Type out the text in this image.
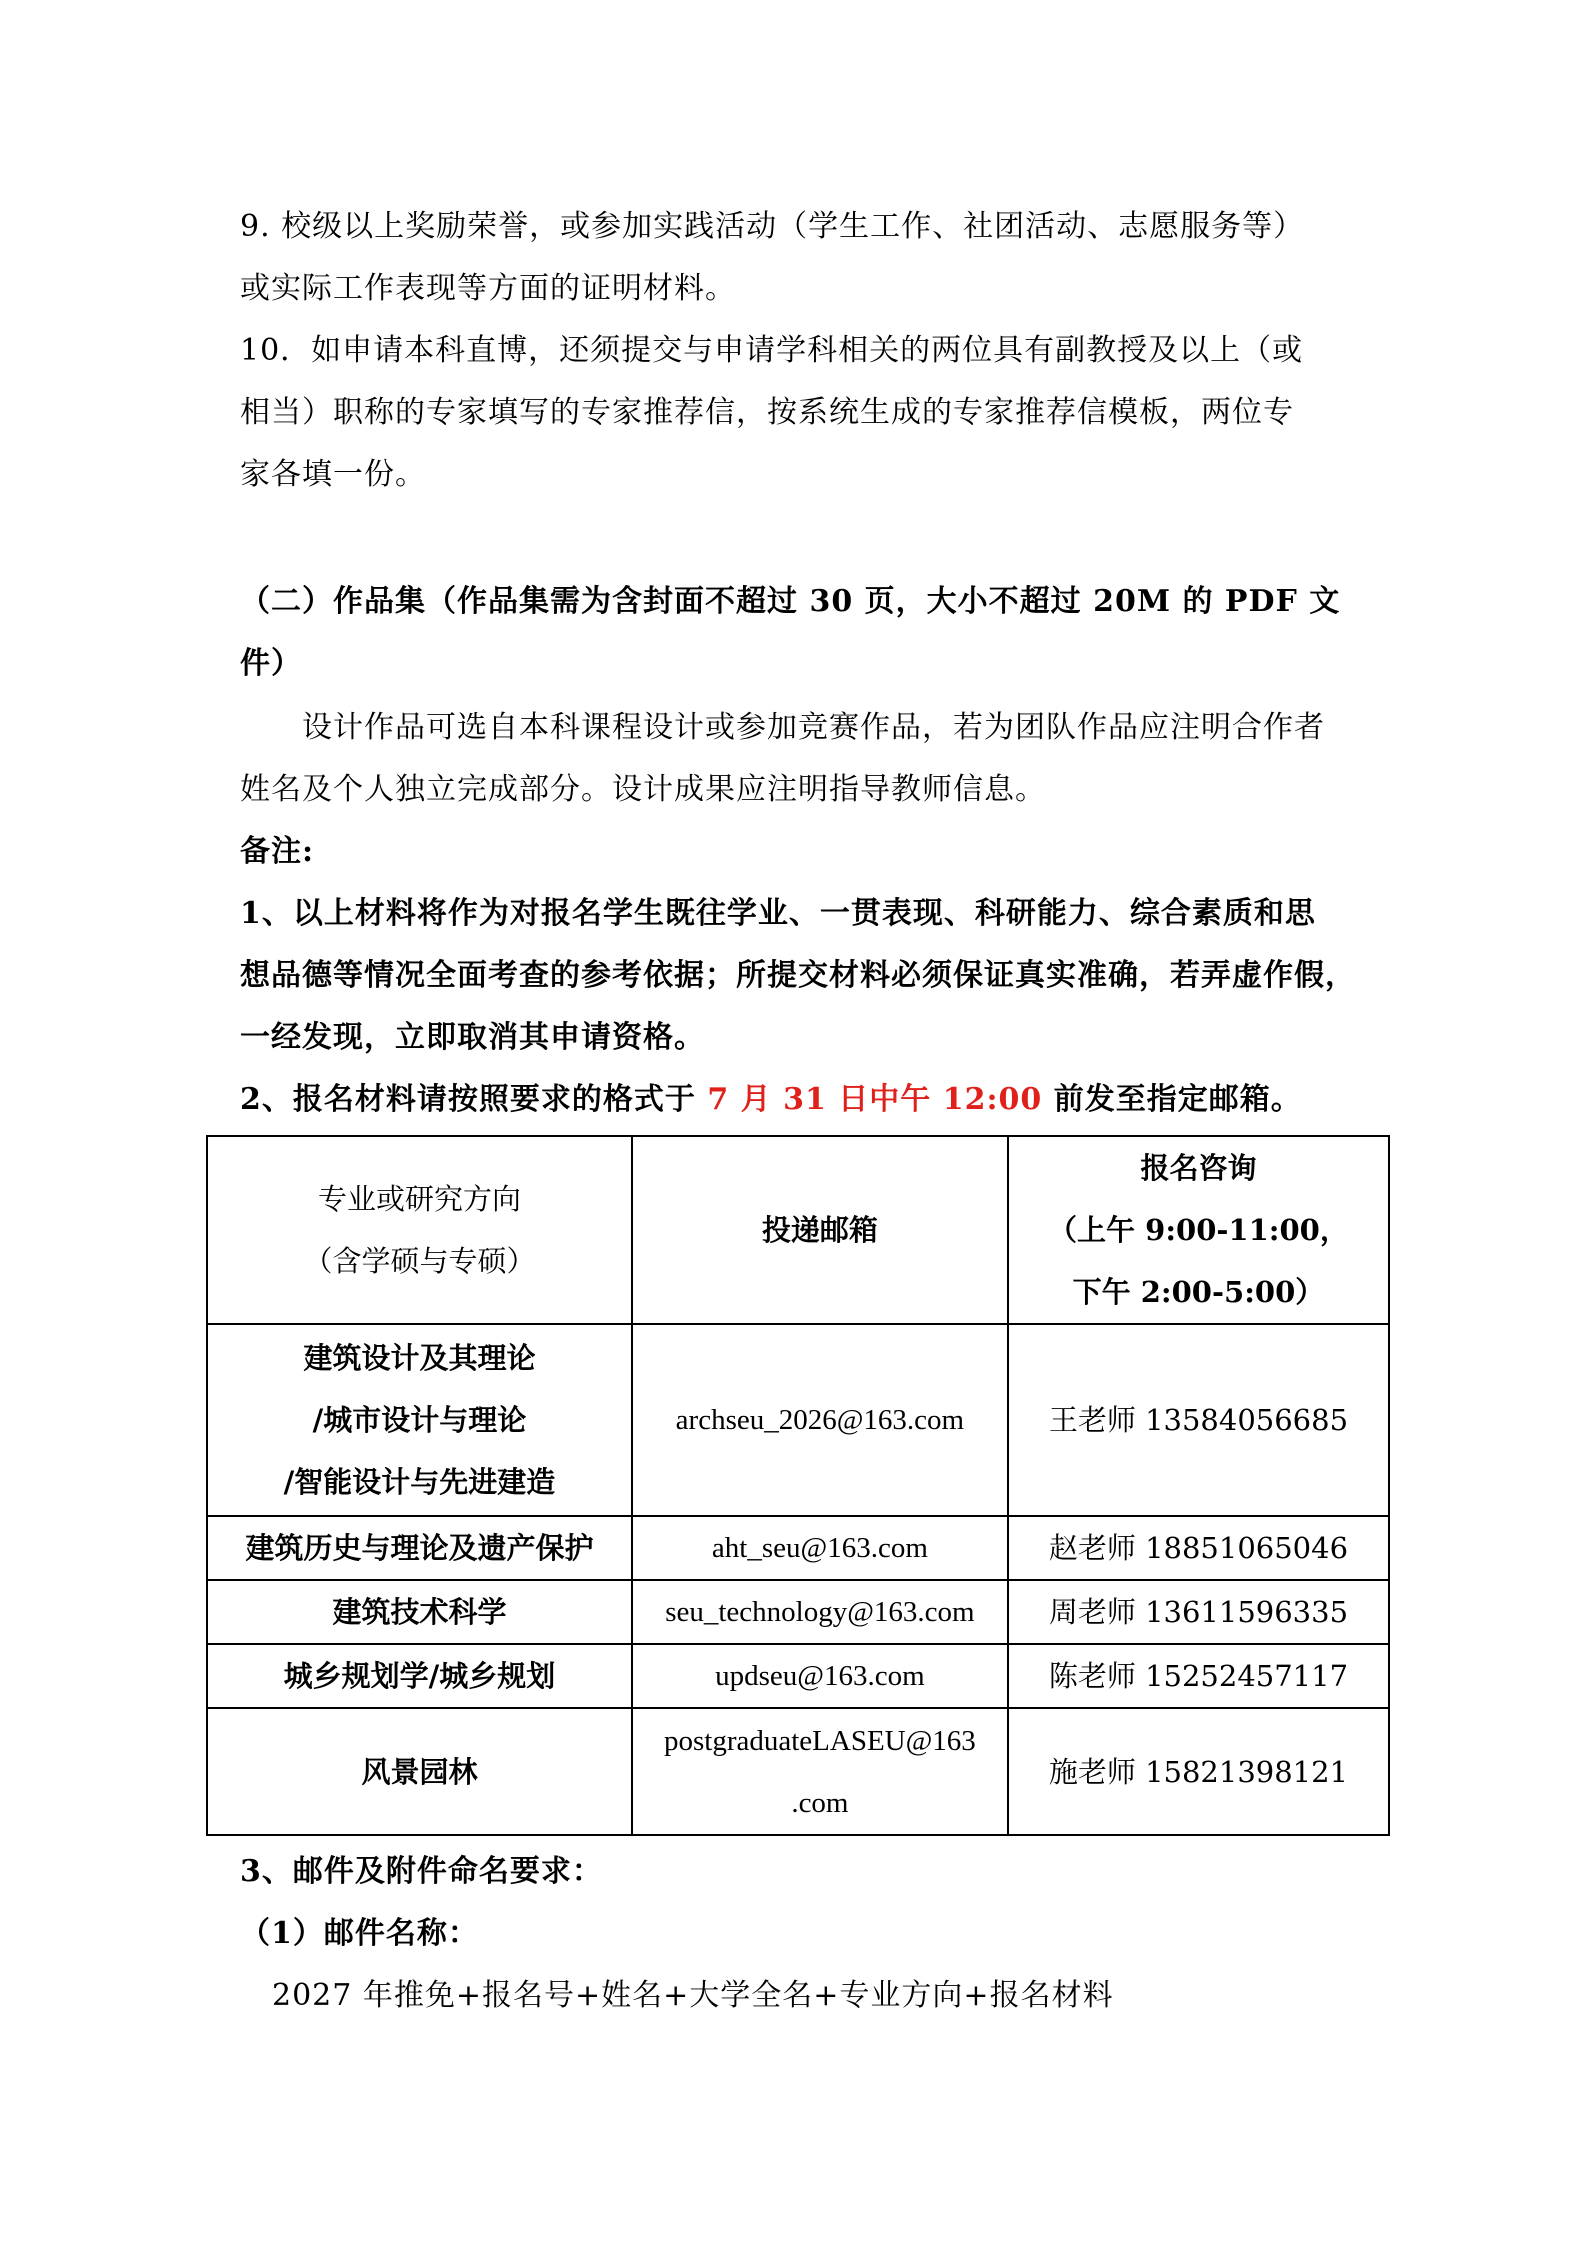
9. 校级以上奖励荣誉，或参加实践活动（学生工作、社团活动、志愿服务等）

或实际工作表现等方面的证明材料。

10．如申请本科直博，还须提交与申请学科相关的两位具有副教授及以上（或

相当）职称的专家填写的专家推荐信，按系统生成的专家推荐信模板，两位专

家各填一份。

（二）作品集（作品集需为含封面不超过 30 页，大小不超过 20M 的 PDF 文

件）

设计作品可选自本科课程设计或参加竞赛作品，若为团队作品应注明合作者

姓名及个人独立完成部分。设计成果应注明指导教师信息。

备注:

1、以上材料将作为对报名学生既往学业、一贯表现、科研能力、综合素质和思

想品德等情况全面考查的参考依据；所提交材料必须保证真实准确，若弄虚作假，

一经发现，立即取消其申请资格。

2、报名材料请按照要求的格式于 7 月 31 日中午 12:00 前发至指定邮箱。

专业或研究方向
（含学硕与专硕）	投递邮箱	报名咨询
（上午 9:00-11:00，
下午 2:00-5:00）

建筑设计及其理论
/城市设计与理论
/智能设计与先进建造	archseu_2026@163.com	王老师 13584056685
建筑历史与理论及遗产保护	aht_seu@163.com	赵老师 18851065046
建筑技术科学	seu_technology@163.com	周老师 13611596335
城乡规划学/城乡规划	updseu@163.com	陈老师 15252457117
风景园林	postgraduateLASEU@163
.com	施老师 15821398121

3、邮件及附件命名要求：

（1）邮件名称：

2027 年推免+报名号+姓名+大学全名+专业方向+报名材料
